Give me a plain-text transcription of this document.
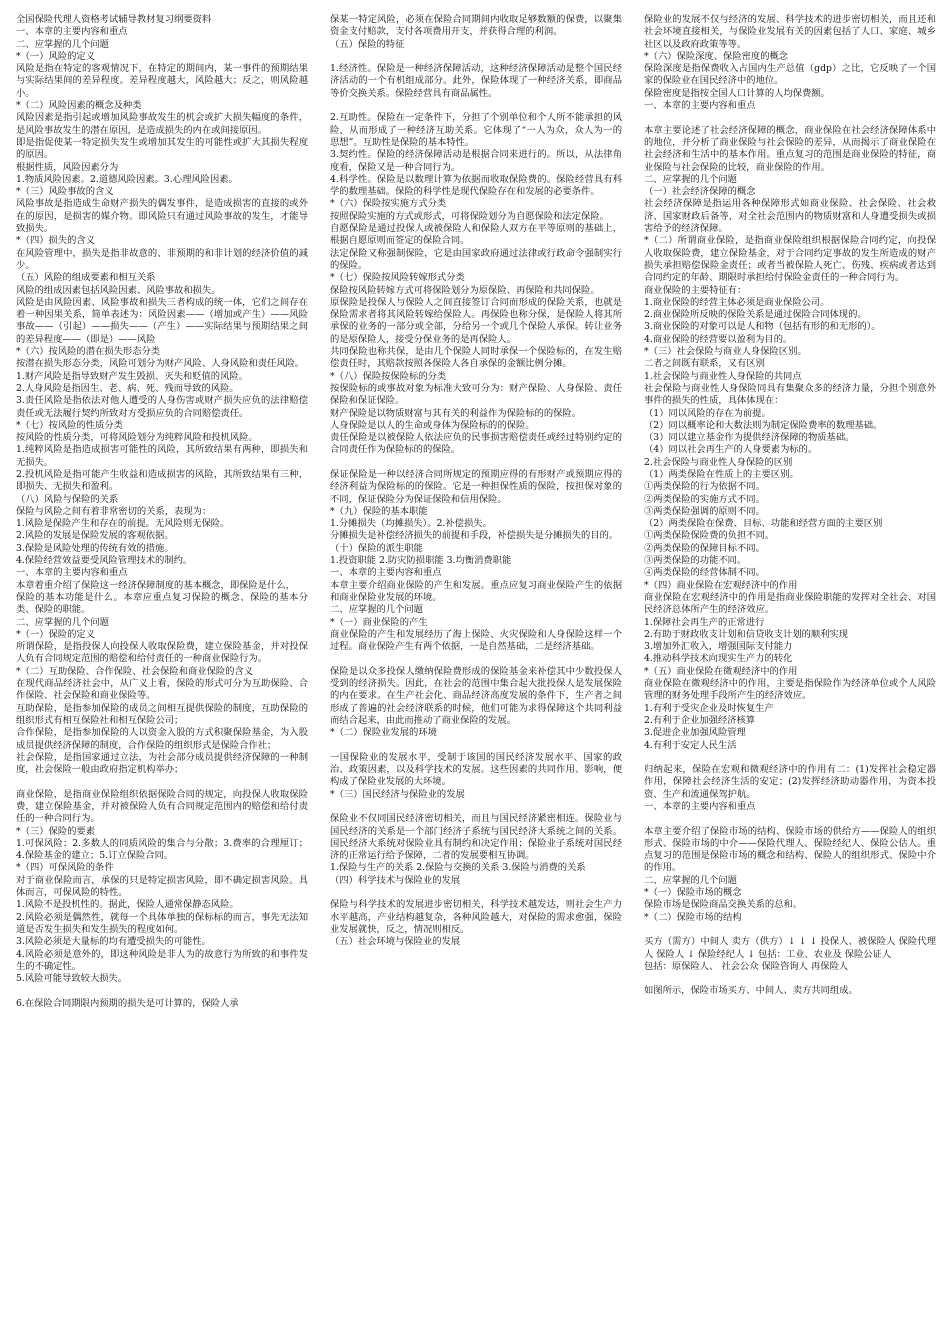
全国保险代理人资格考试辅导教材复习纲要资料

一、本章的主要内容和重点

二、应掌握的几个问题

*（一）风险的定义

风险是指在特定的客观情况下，在特定的期间内，某一事件的预期结果与实际结果间的差异程度。差异程度越大，风险越大；反之，则风险越小。

*（二）风险因素的概念及种类

风险因素是指引起或增加风险事故发生的机会或扩大损失幅度的条件，是风险事故发生的潜在原因，是造成损失的内在或间接原因。

即是指促使某一特定损失发生或增加其发生的可能性或扩大其损失程度的原因。

根据性质，风险因素分为

1.物质风险因素。2.道德风险因素。3.心理风险因素。

*（三）风险事故的含义

风险事故是指造成生命财产损失的偶发事件，是造成损害的直接的或外在的原因，是损害的媒介物。即风险只有通过风险事故的发生，才能导致损失。

*（四）损失的含义

在风险管理中，损失是指非故意的、非预期的和非计划的经济价值的减少。

（五）风险的组成要素和相互关系

风险的组成因素包括风险因素、风险事故和损失。

风险是由风险因素、风险事故和损失三者构成的统一体，它们之间存在着一种因果关系，简单表述为：风险因素——（增加或产生）——风险事故——（引起）——损失——（产生）——实际结果与预期结果之间的差异程度——（即是）——风险

*（六）按风险的潜在损失形态分类

按潜在损失形态分类，风险可划分为财产风险、人身风险和责任风险。

1.财产风险是指导致财产发生毁损、灭失和贬值的风险。

2.人身风险是指因生、老、病、死、残而导致的风险。

3.责任风险是指依法对他人遭受的人身伤害或财产损失应负的法律赔偿责任或无法履行契约所致对方受损应负的合同赔偿责任。

*（七）按风险的性质分类

按风险的性质分类，可将风险划分为纯粹风险和投机风险。

1.纯粹风险是指造成损害可能性的风险，其所致结果有两种，即损失和无损失。

2.投机风险是指可能产生收益和造成损害的风险，其所致结果有三种，即损失、无损失和盈利。

（八）风险与保险的关系

保险与风险之间有着非常密切的关系，表现为：

1.风险是保险产生和存在的前提。无风险则无保险。

2.风险的发展是保险发展的客观依据。

3.保险是风险处理的传统有效的措施。

4.保险经营效益要受风险管理技术的制约。

一、本章的主要内容和重点

本章着重介绍了保险这一经济保障制度的基本概念，即保险是什么，

保险的基本功能是什么。本章应重点复习保险的概念、保险的基本分类、保险的职能。

二、应掌握的几个问题

*（一）保险的定义

所谓保险，是指投保人向投保人收取保险费，建立保险基金，并对投保人负有合同规定范围的赔偿和给付责任的一种商业保险行为。

*（二）互助保险、合作保险、社会保险和商业保险的含义

在现代商品经济社会中，从广义上看，保险的形式可分为互助保险、合作保险、社会保险和商业保险等。

互助保险，是指参加保险的成员之间相互提供保险的制度，互助保险的组织形式有相互保险社和相互保险公司；

合作保险，是指参加保险的人以资金入股的方式积聚保险基金，为入股成员提供经济保障的制度，合作保险的组织形式是保险合作社；

社会保险，是指国家通过立法，为社会部分成员提供经济保障的一种制度，社会保险一般由政府指定机构举办；

商业保险，是指商业保险组织依据保险合同的规定，向投保人收取保险费，建立保险基金，并对被保险人负有合同规定范围内的赔偿和给付责任的一种合同行为。

*（三）保险的要素

1.可保风险；2.多数人的同质风险的集合与分散；3.费率的合理厘订；4.保险基金的建立；5.订立保险合同。

*（四）可保风险的条件

对于商业保险而言，承保的只是特定损害风险，即不确定损害风险。具体而言，可保风险的特性。

1.风险不是投机性的。据此，保险人通常保静态风险。

2.风险必须是偶然性，就每一个具体单独的保标标的而言，事先无法知道是否发生损失和发生损失的程度如何。

3.风险必须是大量标的均有遭受损失的可能性。

4.风险必须是意外的，即这种风险是非人为的故意行为所致的和事件发生的不确定性。

5.风险可能导致较大损失。

6.在保险合同期限内预期的损失是可计算的，保险人承

保某一特定风险，必须在保险合同期间内收取足够数额的保费，以聚集资金支付赔款，支付各项费用开支，并获得合理的利润。

（五）保险的特征

1.经济性。保险是一种经济保障活动，这种经济保障活动是整个国民经济活动的一个有机组成部分。此外，保险体现了一种经济关系，即商品等价交换关系。保险经营具有商品属性。

2.互助性。保险在一定条件下，分担了个别单位和个人所不能承担的风险，从而形成了一种经济互助关系。它体现了“一人为众，众人为一的思想”。互助性是保险的基本特性。

3.契约性。保险的经济保障活动是根据合同来进行的。所以，从法律角度看，保险又是一种合同行为。

4.科学性。保险是以数理计算为依据而收取保险费的。保险经营具有科学的数理基础。保险的科学性是现代保险存在和发展的必要条件。

*（六）保险按实施方式分类

按照保险实施的方式或形式，可将保险划分为自愿保险和法定保险。

自愿保险是通过投保人或被保险人和保险人双方在平等原则的基础上，根据自愿原则而签定的保险合同。

法定保险又称强制保险，它是由国家政府通过法律或行政命令强制实行的保险。

*（七）保险按风险转嫁形式分类

保险按风险转嫁方式可将保险划分为原保险、再保险和共同保险。

原保险是投保人与保险人之间直接签订合同而形成的保险关系，也就是保险需求者将其风险转嫁给保险人。再保险也称分保，是保险人将其所承保的业务的一部分或全部，分给另一个或几个保险人承保。转让业务的是原保险人，接受分保业务的是再保险人。

共同保险也称共保，是由几个保险人同时承保一个保险标的，在发生赔偿责任时，其赔款按照各保险人各自承保的金额比例分摊。

*（八）保险按保险标的分类

按保险标的或事故对象为标准大致可分为：财产保险、人身保险、责任保险和保证保险。

财产保险是以物质财富与其有关的利益作为保险标的的保险。

人身保险是以人的生命或身体为保险标的的保险。

责任保险是以被保险人依法应负的民事损害赔偿责任或经过特别约定的合同责任作为保险标的的保险。

保证保险是一种以经济合同所规定的预期应得的有形财产或预期应得的经济利益为保险标的的保险。它是一种担保性质的保险，按担保对象的不同，保证保险分为保证保险和信用保险。

*（九）保险的基本职能

1.分摊损失（均摊损失）。2.补偿损失。

分摊损失是补偿经济损失的前提和手段，补偿损失是分摊损失的目的。

（十）保险的派生职能

1.投资职能 2.防灾防损职能 3.均衡消费职能

一、本章的主要内容和重点

本章主要介绍商业保险的产生和发展。重点应复习商业保险产生的依据和商业保险业发展的环境。

二、应掌握的几个问题

*（一）商业保险的产生

商业保险的产生和发展经历了海上保险、火灾保险和人身保险这样一个过程。商业保险产生有两个依据，一是自然基础，二是经济基础。

保险是以众多投保人缴纳保险费形成的保险基金来补偿其中少数投保人受到的经济损失。因此，在社会的范围中集合起大批投保人是发展保险的内在要求。在生产社会化、商品经济高度发展的条件下，生产者之间形成了普遍的社会经济联系的时候，他们可能为求得保障这个共同利益而结合起来，由此而推动了商业保险的发展。

*（二）保险业发展的环境

一国保险业的发展水平，受制于该国的国民经济发展水平、国家的政治、政策因素，以及科学技术的发展。这些因素的共同作用、影响，便构成了保险业发展的大环境。

*（三）国民经济与保险业的发展

保险业不仅同国民经济密切相关，而且与国民经济紧密相连。保险业与国民经济的关系是一个部门经济子系统与国民经济大系统之间的关系。国民经济大系统对保险业具有制约和决定作用；保险业子系统对国民经济的正常运行给予保障，二者的发展要相互协调。

1.保险与生产的关系 2.保险与交换的关系 3.保险与消费的关系

（四）科学技术与保险业的发展

保险与科学技术的发展进步密切相关，科学技术越发达，则社会生产力水平越高，产业结构越复杂，各种风险越大，对保险的需求愈强，保险业发展就快，反之，情况则相反。

（五）社会环境与保险业的发展

保险业的发展不仅与经济的发展、科学技术的进步密切相关，而且还和社会环境直接相关，与保险业发展有关的因素包括了人口、家庭、城乡社区以及政府政策等等。

*（六）保险深度、保险密度的概念

保险深度是指保费收入占国内生产总值（gdp）之比，它反映了一个国家的保险业在国民经济中的地位。

保险密度是指按全国人口计算的人均保费额。

一、本章的主要内容和重点

本章主要论述了社会经济保障的概念，商业保险在社会经济保障体系中的地位，并分析了商业保险与社会保险的差异，从而揭示了商业保险在社会经济和生活中的基本作用。重点复习的范围是商业保险的特征，商业保险与社会保险的比较，商业保险的作用。

二、应掌握的几个问题

（一）社会经济保障的概念

社会经济保障是指运用各种保障形式如商业保险、社会保险、社会救济、国家财政后备等，对全社会范围内的物质财富和人身遭受损失或损害给予的经济保障。

*（二）所谓商业保险，是指商业保险组织根据保险合同约定，向投保人收取保险费，建立保险基金，对于合同约定事故的发生所造成的财产损失承担赔偿保险金责任；或者当被保险人死亡、伤残、疾病或者达到合同约定的年龄、期限时承担给付保险金责任的一种合同行为。

商业保险的主要特征有：

1.商业保险的经营主体必须是商业保险公司。

2.商业保险所反映的保险关系是通过保险合同体现的。

3.商业保险的对象可以是人和物（包括有形的和无形的）。

4.商业保险的经营要以盈利为目的。

*（三）社会保险与商业人身保险区别。

二者之间既有联系，又有区别

1.社会保险与商业性人身保险的共同点

社会保险与商业性人身保险同具有集聚众多的经济力量，分担个别意外事件的损失的性质，具体体现在：

（1）同以风险的存在为前提。

（2）同以概率论和大数法则为制定保险费率的数理基础。

（3）同以建立基金作为提供经济保障的物质基础。

（4）同以社会再生产的人身要素为标的。

2.社会保险与商业性人身保险的区别

（1）两类保险在性质上的主要区别。

①两类保险的行为依据不同。

②两类保险的实施方式不同。

③两类保险强调的原则不同。

（2）两类保险在保费、目标、功能和经营方面的主要区别

①两类保险保险费的负担不同。

②两类保险的保障目标不同。

③两类保险的功能不同。

④两类保险的经营体制不同。

*（四）商业保险在宏观经济中的作用

商业保险在宏观经济中的作用是指商业保险职能的发挥对全社会、对国民经济总体所产生的经济效应。

1.保障社会再生产的正常进行

2.有助于财政收支计划和信贷收支计划的顺利实现

3.增加外汇收入，增强国际支付能力

4.推动科学技术向现实生产力的转化

*（五）商业保险在微观经济中的作用

商业保险在微观经济中的作用，主要是指保险作为经济单位或个人风险管理的财务处理手段所产生的经济效应。

1.有利于受灾企业及时恢复生产

2.有利于企业加强经济核算

3.促进企业加强风险管理

4.有利于安定人民生活

归纳起来，保险在宏观和微观经济中的作用有二：(1)发挥社会稳定器作用，保障社会经济生活的安定；(2)发挥经济助动器作用，为资本投资、生产和流通保驾护航。

一、本章的主要内容和重点

本章主要介绍了保险市场的结构、保险市场的供给方——保险人的组织形式、保险市场的中介——保险代理人、保险经纪人、保险公估人。重点复习的范围是保险市场的概念和结构、保险人的组织形式、保险中介的作用。

二、应掌握的几个问题

*（一）保险市场的概念

保险市场是保险商品交换关系的总和。

*（二）保险市场的结构

买方（需方）中间人 卖方（供方）↓ ↓ ↓ 投保人、被保险人 保险代理人 保险人 ↓ 保险经纪人 ↓ 包括：工业、农业及 保险公证人

包括：原保险人、 社会公众 保险咨询人 再保险人

如图所示，保险市场买方、中间人、卖方共同组成。
